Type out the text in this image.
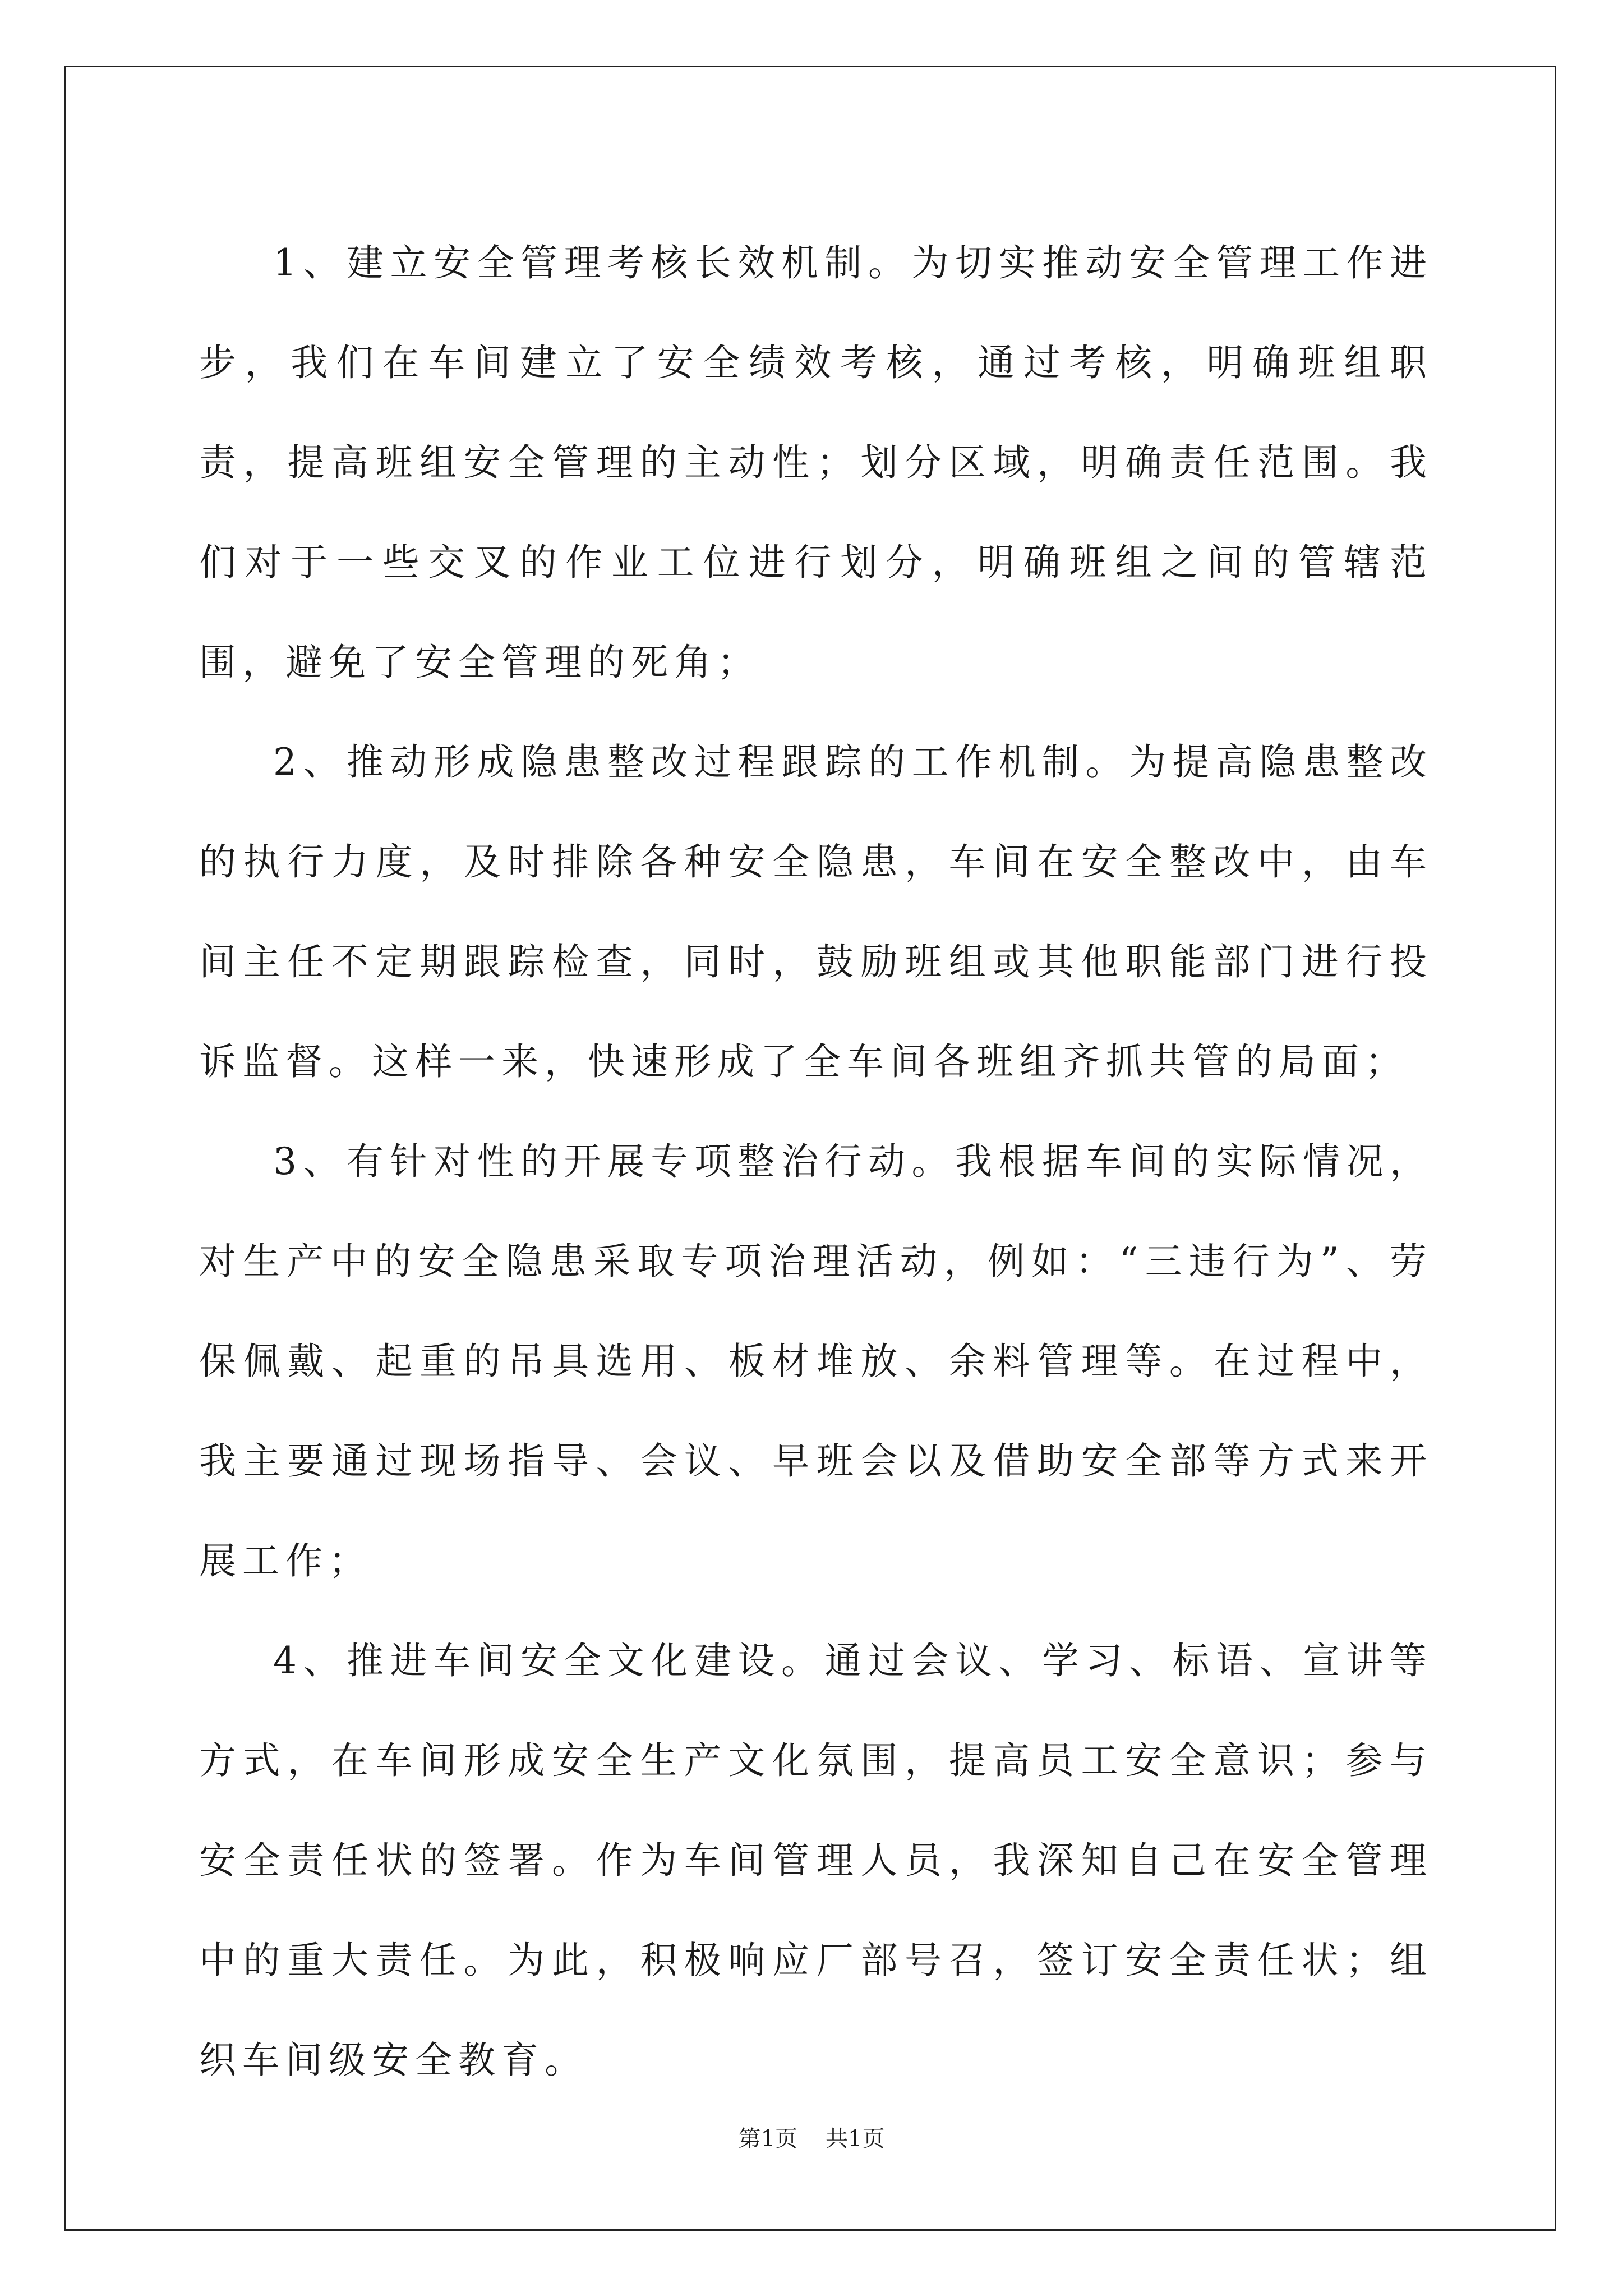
1、建立安全管理考核长效机制。为切实推动安全管理工作进步，我们在车间建立了安全绩效考核，通过考核，明确班组职责，提高班组安全管理的主动性；划分区域，明确责任范围。我们对于一些交叉的作业工位进行划分，明确班组之间的管辖范围，避免了安全管理的死角；

2、推动形成隐患整改过程跟踪的工作机制。为提高隐患整改的执行力度，及时排除各种安全隐患，车间在安全整改中，由车间主任不定期跟踪检查，同时，鼓励班组或其他职能部门进行投诉监督。这样一来，快速形成了全车间各班组齐抓共管的局面；

3、有针对性的开展专项整治行动。我根据车间的实际情况，对生产中的安全隐患采取专项治理活动，例如：“三违行为”、劳保佩戴、起重的吊具选用、板材堆放、余料管理等。在过程中，我主要通过现场指导、会议、早班会以及借助安全部等方式来开展工作；

4、推进车间安全文化建设。通过会议、学习、标语、宣讲等方式，在车间形成安全生产文化氛围，提高员工安全意识；参与安全责任状的签署。作为车间管理人员，我深知自己在安全管理中的重大责任。为此，积极响应厂部号召，签订安全责任状；组织车间级安全教育。

第1页 共1页
